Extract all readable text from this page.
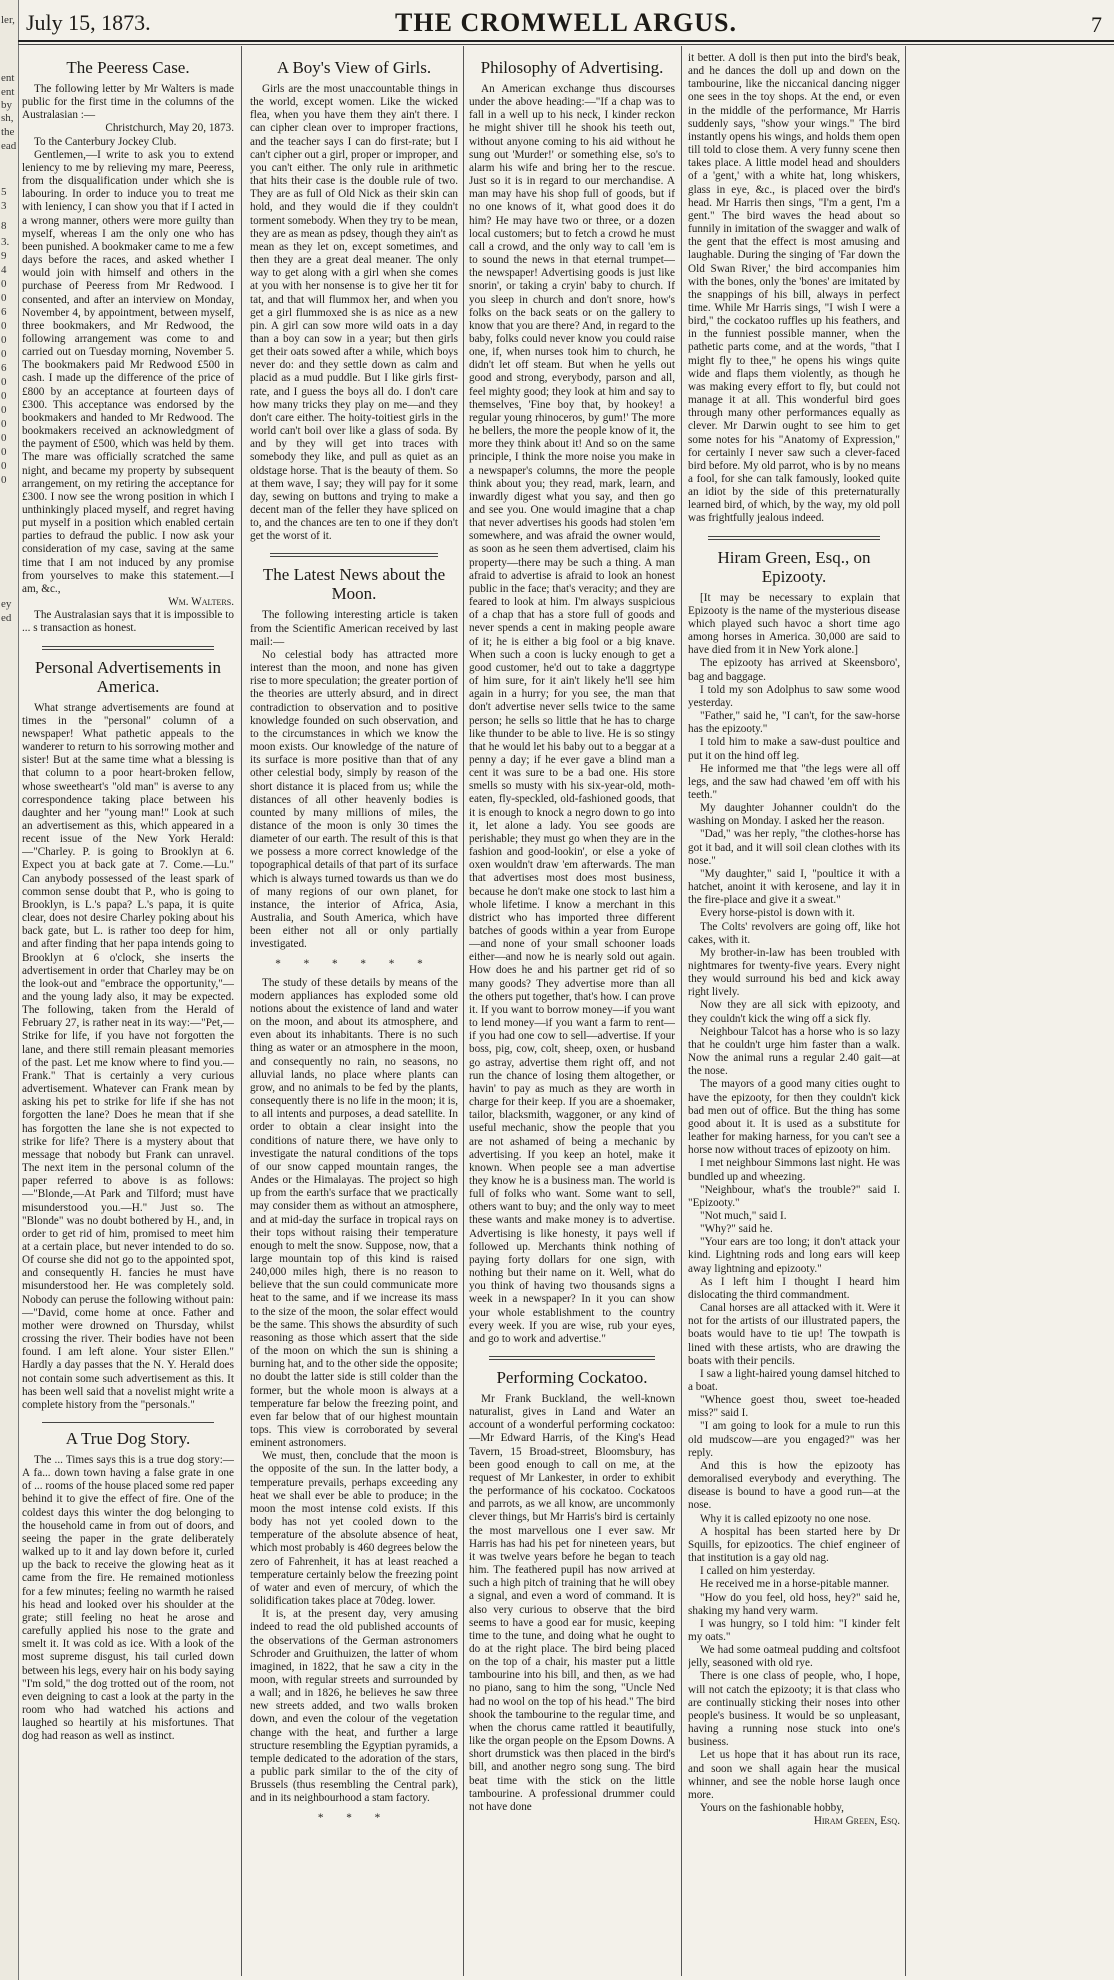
ler,
ent
ent
by
sh,
the
ead
5
3
8
3.
9
4
0
0
6
0
0
0
6
0
0
0
0
0
0
0
0
ey
ed
July 15, 1873.	THE CROMWELL ARGUS.	7
The Peeress Case.

The following letter by Mr Walters is made public for the first time in the columns of the Australasian :—

Christchurch, May 20, 1873.

To the Canterbury Jockey Club.

Gentlemen,—I write to ask you to extend leniency to me by relieving my mare, Peeress, from the disqualification under which she is labouring. In order to induce you to treat me with leniency, I can show you that if I acted in a wrong manner, others were more guilty than myself, whereas I am the only one who has been punished. A bookmaker came to me a few days before the races, and asked whether I would join with himself and others in the purchase of Peeress from Mr Redwood. I consented, and after an interview on Monday, November 4, by appointment, between myself, three bookmakers, and Mr Redwood, the following arrangement was come to and carried out on Tuesday morning, November 5. The bookmakers paid Mr Redwood £500 in cash. I made up the difference of the price of £800 by an acceptance at fourteen days of £300. This acceptance was endorsed by the bookmakers and handed to Mr Redwood. The bookmakers received an acknowledgment of the payment of £500, which was held by them. The mare was officially scratched the same night, and became my property by subsequent arrangement, on my retiring the acceptance for £300. I now see the wrong position in which I unthinkingly placed myself, and regret having put myself in a position which enabled certain parties to defraud the public. I now ask your consideration of my case, saving at the same time that I am not induced by any promise from yourselves to make this statement.—I am, &c.,

Wm. Walters.

The Australasian says that it is impossible to ... s transaction as honest.

Personal Advertisements in America.

What strange advertisements are found at times in the "personal" column of a newspaper! What pathetic appeals to the wanderer to return to his sorrowing mother and sister! But at the same time what a blessing is that column to a poor heart-broken fellow, whose sweetheart's "old man" is averse to any correspondence taking place between his daughter and her "young man!" Look at such an advertisement as this, which appeared in a recent issue of the New York Herald:—"Charley. P. is going to Brooklyn at 6. Expect you at back gate at 7. Come.—Lu." Can anybody possessed of the least spark of common sense doubt that P., who is going to Brooklyn, is L.'s papa? L.'s papa, it is quite clear, does not desire Charley poking about his back gate, but L. is rather too deep for him, and after finding that her papa intends going to Brooklyn at 6 o'clock, she inserts the advertisement in order that Charley may be on the look-out and "embrace the opportunity,"—and the young lady also, it may be expected. The following, taken from the Herald of February 27, is rather neat in its way:—"Pet,—Strike for life, if you have not forgotten the lane, and there still remain pleasant memories of the past. Let me know where to find you.—Frank." That is certainly a very curious advertisement. Whatever can Frank mean by asking his pet to strike for life if she has not forgotten the lane? Does he mean that if she has forgotten the lane she is not expected to strike for life? There is a mystery about that message that nobody but Frank can unravel. The next item in the personal column of the paper referred to above is as follows:—"Blonde,—At Park and Tilford; must have misunderstood you.—H." Just so. The "Blonde" was no doubt bothered by H., and, in order to get rid of him, promised to meet him at a certain place, but never intended to do so. Of course she did not go to the appointed spot, and consequently H. fancies he must have misunderstood her. He was completely sold. Nobody can peruse the following without pain:—"David, come home at once. Father and mother were drowned on Thursday, whilst crossing the river. Their bodies have not been found. I am left alone. Your sister Ellen." Hardly a day passes that the N. Y. Herald does not contain some such advertisement as this. It has been well said that a novelist might write a complete history from the "personals."

A True Dog Story.

The ... Times says this is a true dog story:—A fa... down town having a false grate in one of ... rooms of the house placed some red paper behind it to give the effect of fire. One of the coldest days this winter the dog belonging to the household came in from out of doors, and seeing the paper in the grate deliberately walked up to it and lay down before it, curled up the back to receive the glowing heat as it came from the fire. He remained motionless for a few minutes; feeling no warmth he raised his head and looked over his shoulder at the grate; still feeling no heat he arose and carefully applied his nose to the grate and smelt it. It was cold as ice. With a look of the most supreme disgust, his tail curled down between his legs, every hair on his body saying "I'm sold," the dog trotted out of the room, not even deigning to cast a look at the party in the room who had watched his actions and laughed so heartily at his misfortunes. That dog had reason as well as instinct.

A Boy's View of Girls.

Girls are the most unaccountable things in the world, except women. Like the wicked flea, when you have them they ain't there. I can cipher clean over to improper fractions, and the teacher says I can do first-rate; but I can't cipher out a girl, proper or improper, and you can't either. The only rule in arithmetic that hits their case is the double rule of two. They are as full of Old Nick as their skin can hold, and they would die if they couldn't torment somebody. When they try to be mean, they are as mean as pdsey, though they ain't as mean as they let on, except sometimes, and then they are a great deal meaner. The only way to get along with a girl when she comes at you with her nonsense is to give her tit for tat, and that will flummox her, and when you get a girl flummoxed she is as nice as a new pin. A girl can sow more wild oats in a day than a boy can sow in a year; but then girls get their oats sowed after a while, which boys never do: and they settle down as calm and placid as a mud puddle. But I like girls first-rate, and I guess the boys all do. I don't care how many tricks they play on me—and they don't care either. The hoity-toitiest girls in the world can't boil over like a glass of soda. By and by they will get into traces with somebody they like, and pull as quiet as an oldstage horse. That is the beauty of them. So at them wave, I say; they will pay for it some day, sewing on buttons and trying to make a decent man of the feller they have spliced on to, and the chances are ten to one if they don't get the worst of it.

The Latest News about the Moon.

The following interesting article is taken from the Scientific American received by last mail:—

No celestial body has attracted more interest than the moon, and none has given rise to more speculation; the greater portion of the theories are utterly absurd, and in direct contradiction to observation and to positive knowledge founded on such observation, and to the circumstances in which we know the moon exists. Our knowledge of the nature of its surface is more positive than that of any other celestial body, simply by reason of the short distance it is placed from us; while the distances of all other heavenly bodies is counted by many millions of miles, the distance of the moon is only 30 times the diameter of our earth. The result of this is that we possess a more correct knowledge of the topographical details of that part of its surface which is always turned towards us than we do of many regions of our own planet, for instance, the interior of Africa, Asia, Australia, and South America, which have been either not all or only partially investigated.

* * * * * *

The study of these details by means of the modern appliances has exploded some old notions about the existence of land and water on the moon, and about its atmosphere, and even about its inhabitants. There is no such thing as water or an atmosphere in the moon, and consequently no rain, no seasons, no alluvial lands, no place where plants can grow, and no animals to be fed by the plants, consequently there is no life in the moon; it is, to all intents and purposes, a dead satellite. In order to obtain a clear insight into the conditions of nature there, we have only to investigate the natural conditions of the tops of our snow capped mountain ranges, the Andes or the Himalayas. The project so high up from the earth's surface that we practically may consider them as without an atmosphere, and at mid-day the surface in tropical rays on their tops without raising their temperature enough to melt the snow. Suppose, now, that a large mountain top of this kind is raised 240,000 miles high, there is no reason to believe that the sun could communicate more heat to the same, and if we increase its mass to the size of the moon, the solar effect would be the same. This shows the absurdity of such reasoning as those which assert that the side of the moon on which the sun is shining a burning hat, and to the other side the opposite; no doubt the latter side is still colder than the former, but the whole moon is always at a temperature far below the freezing point, and even far below that of our highest mountain tops. This view is corroborated by several eminent astronomers.

We must, then, conclude that the moon is the opposite of the sun. In the latter body, a temperature prevails, perhaps exceeding any heat we shall ever be able to produce; in the moon the most intense cold exists. If this body has not yet cooled down to the temperature of the absolute absence of heat, which most probably is 460 degrees below the zero of Fahrenheit, it has at least reached a temperature certainly below the freezing point of water and even of mercury, of which the solidification takes place at 70deg. lower.

It is, at the present day, very amusing indeed to read the old published accounts of the observations of the German astronomers Schroder and Gruithuizen, the latter of whom imagined, in 1822, that he saw a city in the moon, with regular streets and surrounded by a wall; and in 1826, he believes he saw three new streets added, and two walls broken down, and even the colour of the vegetation change with the heat, and further a large structure resembling the Egyptian pyramids, a temple dedicated to the adoration of the stars, a public park similar to the of the city of Brussels (thus resembling the Central park), and in its neighbourhood a stam factory.

* * *
Philosophy of Advertising.

An American exchange thus discourses under the above heading:—"If a chap was to fall in a well up to his neck, I kinder reckon he might shiver till he shook his teeth out, without anyone coming to his aid without he sung out 'Murder!' or something else, so's to alarm his wife and bring her to the rescue. Just so it is in regard to our merchandise. A man may have his shop full of goods, but if no one knows of it, what good does it do him? He may have two or three, or a dozen local customers; but to fetch a crowd he must call a crowd, and the only way to call 'em is to sound the news in that eternal trumpet—the newspaper! Advertising goods is just like snorin', or taking a cryin' baby to church. If you sleep in church and don't snore, how's folks on the back seats or on the gallery to know that you are there? And, in regard to the baby, folks could never know you could raise one, if, when nurses took him to church, he didn't let off steam. But when he yells out good and strong, everybody, parson and all, feel mighty good; they look at him and say to themselves, 'Fine boy that, by hookey! a regular young rhinoceros, by gum!' The more he bellers, the more the people know of it, the more they think about it! And so on the same principle, I think the more noise you make in a newspaper's columns, the more the people think about you; they read, mark, learn, and inwardly digest what you say, and then go and see you. One would imagine that a chap that never advertises his goods had stolen 'em somewhere, and was afraid the owner would, as soon as he seen them advertised, claim his property—there may be such a thing. A man afraid to advertise is afraid to look an honest public in the face; that's veracity; and they are feared to look at him. I'm always suspicious of a chap that has a store full of goods and never spends a cent in making people aware of it; he is either a big fool or a big knave. When such a coon is lucky enough to get a good customer, he'd out to take a daggrtype of him sure, for it ain't likely he'll see him again in a hurry; for you see, the man that don't advertise never sells twice to the same person; he sells so little that he has to charge like thunder to be able to live. He is so stingy that he would let his baby out to a beggar at a penny a day; if he ever gave a blind man a cent it was sure to be a bad one. His store smells so musty with his six-year-old, moth-eaten, fly-speckled, old-fashioned goods, that it is enough to knock a negro down to go into it, let alone a lady. You see goods are perishable; they must go when they are in the fashion and good-lookin', or else a yoke of oxen wouldn't draw 'em afterwards. The man that advertises most does most business, because he don't make one stock to last him a whole lifetime. I know a merchant in this district who has imported three different batches of goods within a year from Europe—and none of your small schooner loads either—and now he is nearly sold out again. How does he and his partner get rid of so many goods? They advertise more than all the others put together, that's how. I can prove it. If you want to borrow money—if you want to lend money—if you want a farm to rent—if you had one cow to sell—advertise. If your boss, pig, cow, colt, sheep, oxen, or husband go astray, advertise them right off, and not run the chance of losing them altogether, or havin' to pay as much as they are worth in charge for their keep. If you are a shoemaker, tailor, blacksmith, waggoner, or any kind of useful mechanic, show the people that you are not ashamed of being a mechanic by advertising. If you keep an hotel, make it known. When people see a man advertise they know he is a business man. The world is full of folks who want. Some want to sell, others want to buy; and the only way to meet these wants and make money is to advertise. Advertising is like honesty, it pays well if followed up. Merchants think nothing of paying forty dollars for one sign, with nothing but their name on it. Well, what do you think of having two thousands signs a week in a newspaper? In it you can show your whole establishment to the country every week. If you are wise, rub your eyes, and go to work and advertise."

Performing Cockatoo.

Mr Frank Buckland, the well-known naturalist, gives in Land and Water an account of a wonderful performing cockatoo:—Mr Edward Harris, of the King's Head Tavern, 15 Broad-street, Bloomsbury, has been good enough to call on me, at the request of Mr Lankester, in order to exhibit the performance of his cockatoo. Cockatoos and parrots, as we all know, are uncommonly clever things, but Mr Harris's bird is certainly the most marvellous one I ever saw. Mr Harris has had his pet for nineteen years, but it was twelve years before he began to teach him. The feathered pupil has now arrived at such a high pitch of training that he will obey a signal, and even a word of command. It is also very curious to observe that the bird seems to have a good ear for music, keeping time to the tune, and doing what he ought to do at the right place. The bird being placed on the top of a chair, his master put a little tambourine into his bill, and then, as we had no piano, sang to him the song, "Uncle Ned had no wool on the top of his head." The bird shook the tambourine to the regular time, and when the chorus came rattled it beautifully, like the organ people on the Epsom Downs. A short drumstick was then placed in the bird's bill, and another negro song sung. The bird beat time with the stick on the little tambourine. A professional drummer could not have done

it better. A doll is then put into the bird's beak, and he dances the doll up and down on the tambourine, like the niccanical dancing nigger one sees in the toy shops. At the end, or even in the middle of the performance, Mr Harris suddenly says, "show your wings." The bird instantly opens his wings, and holds them open till told to close them. A very funny scene then takes place. A little model head and shoulders of a 'gent,' with a white hat, long whiskers, glass in eye, &c., is placed over the bird's head. Mr Harris then sings, "I'm a gent, I'm a gent." The bird waves the head about so funnily in imitation of the swagger and walk of the gent that the effect is most amusing and laughable. During the singing of 'Far down the Old Swan River,' the bird accompanies him with the bones, only the 'bones' are imitated by the snappings of his bill, always in perfect time. While Mr Harris sings, "I wish I were a bird," the cockatoo ruffles up his feathers, and in the funniest possible manner, when the pathetic parts come, and at the words, "that I might fly to thee," he opens his wings quite wide and flaps them violently, as though he was making every effort to fly, but could not manage it at all. This wonderful bird goes through many other performances equally as clever. Mr Darwin ought to see him to get some notes for his "Anatomy of Expression," for certainly I never saw such a clever-faced bird before. My old parrot, who is by no means a fool, for she can talk famously, looked quite an idiot by the side of this preternaturally learned bird, of which, by the way, my old poll was frightfully jealous indeed.

Hiram Green, Esq., on Epizooty.

[It may be necessary to explain that Epizooty is the name of the mysterious disease which played such havoc a short time ago among horses in America. 30,000 are said to have died from it in New York alone.]

The epizooty has arrived at Skeensboro', bag and baggage.

I told my son Adolphus to saw some wood yesterday.

"Father," said he, "I can't, for the saw-horse has the epizooty."

I told him to make a saw-dust poultice and put it on the hind off leg.

He informed me that "the legs were all off legs, and the saw had chawed 'em off with his teeth."

My daughter Johanner couldn't do the washing on Monday. I asked her the reason.

"Dad," was her reply, "the clothes-horse has got it bad, and it will soil clean clothes with its nose."

"My daughter," said I, "poultice it with a hatchet, anoint it with kerosene, and lay it in the fire-place and give it a sweat."

Every horse-pistol is down with it.

The Colts' revolvers are going off, like hot cakes, with it.

My brother-in-law has been troubled with nightmares for twenty-five years. Every night they would surround his bed and kick away right lively.

Now they are all sick with epizooty, and they couldn't kick the wing off a sick fly.

Neighbour Talcot has a horse who is so lazy that he couldn't urge him faster than a walk. Now the animal runs a regular 2.40 gait—at the nose.

The mayors of a good many cities ought to have the epizooty, for then they couldn't kick bad men out of office. But the thing has some good about it. It is used as a substitute for leather for making harness, for you can't see a horse now without traces of epizooty on him.

I met neighbour Simmons last night. He was bundled up and wheezing.

"Neighbour, what's the trouble?" said I. "Epizooty."

"Not much," said I.

"Why?" said he.

"Your ears are too long; it don't attack your kind. Lightning rods and long ears will keep away lightning and epizooty."

As I left him I thought I heard him dislocating the third commandment.

Canal horses are all attacked with it. Were it not for the artists of our illustrated papers, the boats would have to tie up! The towpath is lined with these artists, who are drawing the boats with their pencils.

I saw a light-haired young damsel hitched to a boat.

"Whence goest thou, sweet toe-headed miss?" said I.

"I am going to look for a mule to run this old mudscow—are you engaged?" was her reply.

And this is how the epizooty has demoralised everybody and everything. The disease is bound to have a good run—at the nose.

Why it is called epizooty no one nose.

A hospital has been started here by Dr Squills, for epizootics. The chief engineer of that institution is a gay old nag.

I called on him yesterday.

He received me in a horse-pitable manner.

"How do you feel, old hoss, hey?" said he, shaking my hand very warm.

I was hungry, so I told him: "I kinder felt my oats."

We had some oatmeal pudding and coltsfoot jelly, seasoned with old rye.

There is one class of people, who, I hope, will not catch the epizooty; it is that class who are continually sticking their noses into other people's business. It would be so unpleasant, having a running nose stuck into one's business.

Let us hope that it has about run its race, and soon we shall again hear the musical whinner, and see the noble horse laugh once more.

Yours on the fashionable hobby,

Hiram Green, Esq.
